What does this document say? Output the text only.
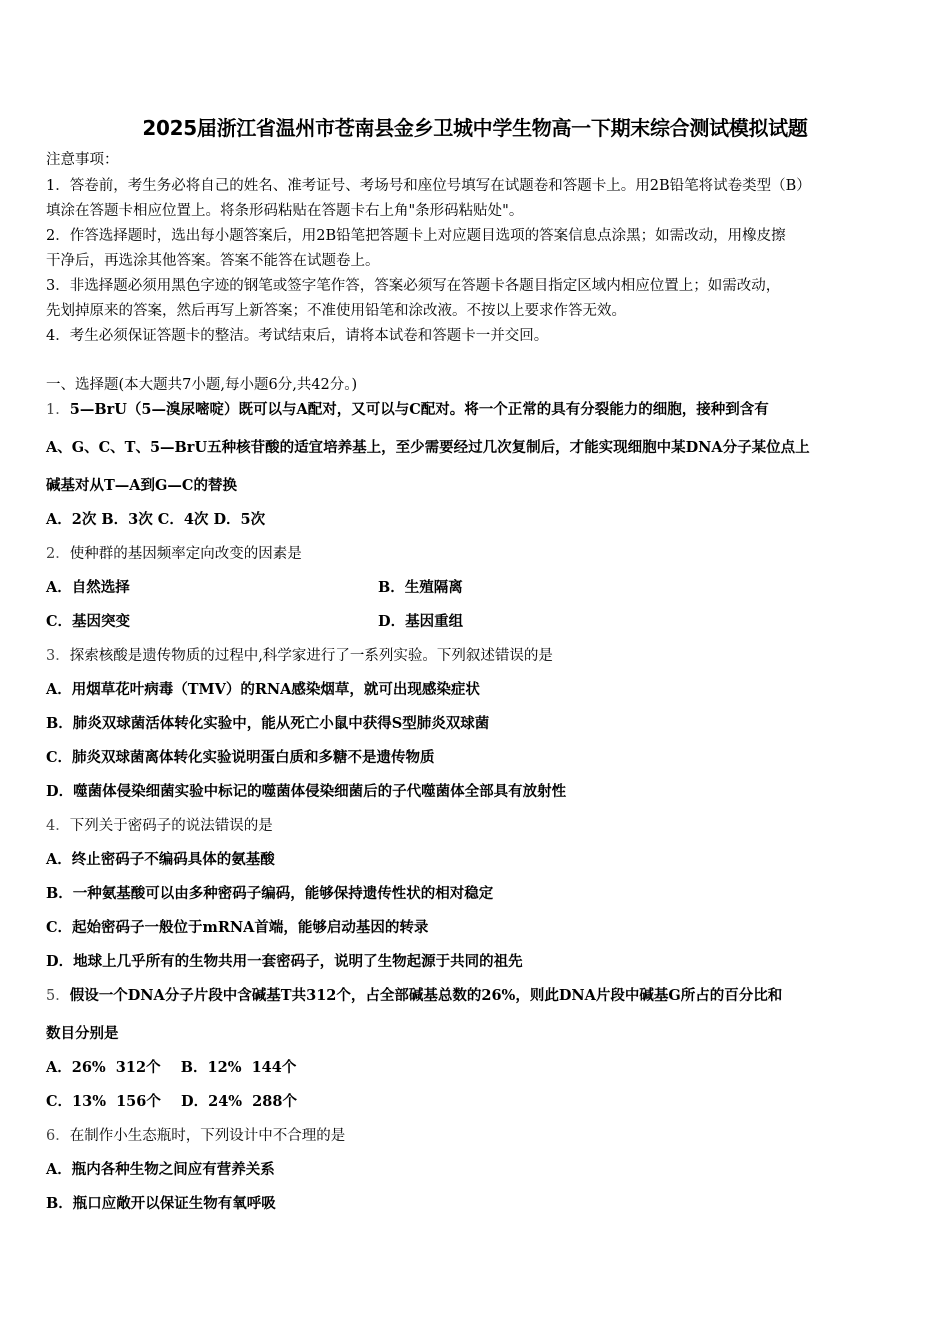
2025届浙江省温州市苍南县金乡卫城中学生物高一下期末综合测试模拟试题
注意事项：
1．答卷前，考生务必将自己的姓名、准考证号、考场号和座位号填写在试题卷和答题卡上。用2B铅笔将试卷类型（B）
填涂在答题卡相应位置上。将条形码粘贴在答题卡右上角"条形码粘贴处"。
2．作答选择题时，选出每小题答案后，用2B铅笔把答题卡上对应题目选项的答案信息点涂黑；如需改动，用橡皮擦
干净后，再选涂其他答案。答案不能答在试题卷上。
3．非选择题必须用黑色字迹的钢笔或签字笔作答，答案必须写在答题卡各题目指定区域内相应位置上；如需改动，
先划掉原来的答案，然后再写上新答案；不准使用铅笔和涂改液。不按以上要求作答无效。
4．考生必须保证答题卡的整洁。考试结束后，请将本试卷和答题卡一并交回。
一、选择题(本大题共7小题,每小题6分,共42分。)
1．5—BrU（5—溴尿嘧啶）既可以与A配对，又可以与C配对。将一个正常的具有分裂能力的细胞，接种到含有
A、G、C、T、5—BrU五种核苷酸的适宜培养基上，至少需要经过几次复制后，才能实现细胞中某DNA分子某位点上
碱基对从T—A到G—C的替换
A．2次 B．3次 C．4次 D．5次
2．使种群的基因频率定向改变的因素是
A．自然选择	B．生殖隔离
C．基因突变	D．基因重组
3．探索核酸是遗传物质的过程中,科学家进行了一系列实验。下列叙述错误的是
A．用烟草花叶病毒（TMV）的RNA感染烟草，就可出现感染症状
B．肺炎双球菌活体转化实验中，能从死亡小鼠中获得S型肺炎双球菌
C．肺炎双球菌离体转化实验说明蛋白质和多糖不是遗传物质
D．噬菌体侵染细菌实验中标记的噬菌体侵染细菌后的子代噬菌体全部具有放射性
4．下列关于密码子的说法错误的是
A．终止密码子不编码具体的氨基酸
B．一种氨基酸可以由多种密码子编码，能够保持遗传性状的相对稳定
C．起始密码子一般位于mRNA首端，能够启动基因的转录
D．地球上几乎所有的生物共用一套密码子，说明了生物起源于共同的祖先
5．假设一个DNA分子片段中含碱基T共312个，占全部碱基总数的26%，则此DNA片段中碱基G所占的百分比和
数目分别是
A．26%  312个    B．12%  144个
C．13%  156个    D．24%  288个
6．在制作小生态瓶时，下列设计中不合理的是
A．瓶内各种生物之间应有营养关系
B．瓶口应敞开以保证生物有氧呼吸
